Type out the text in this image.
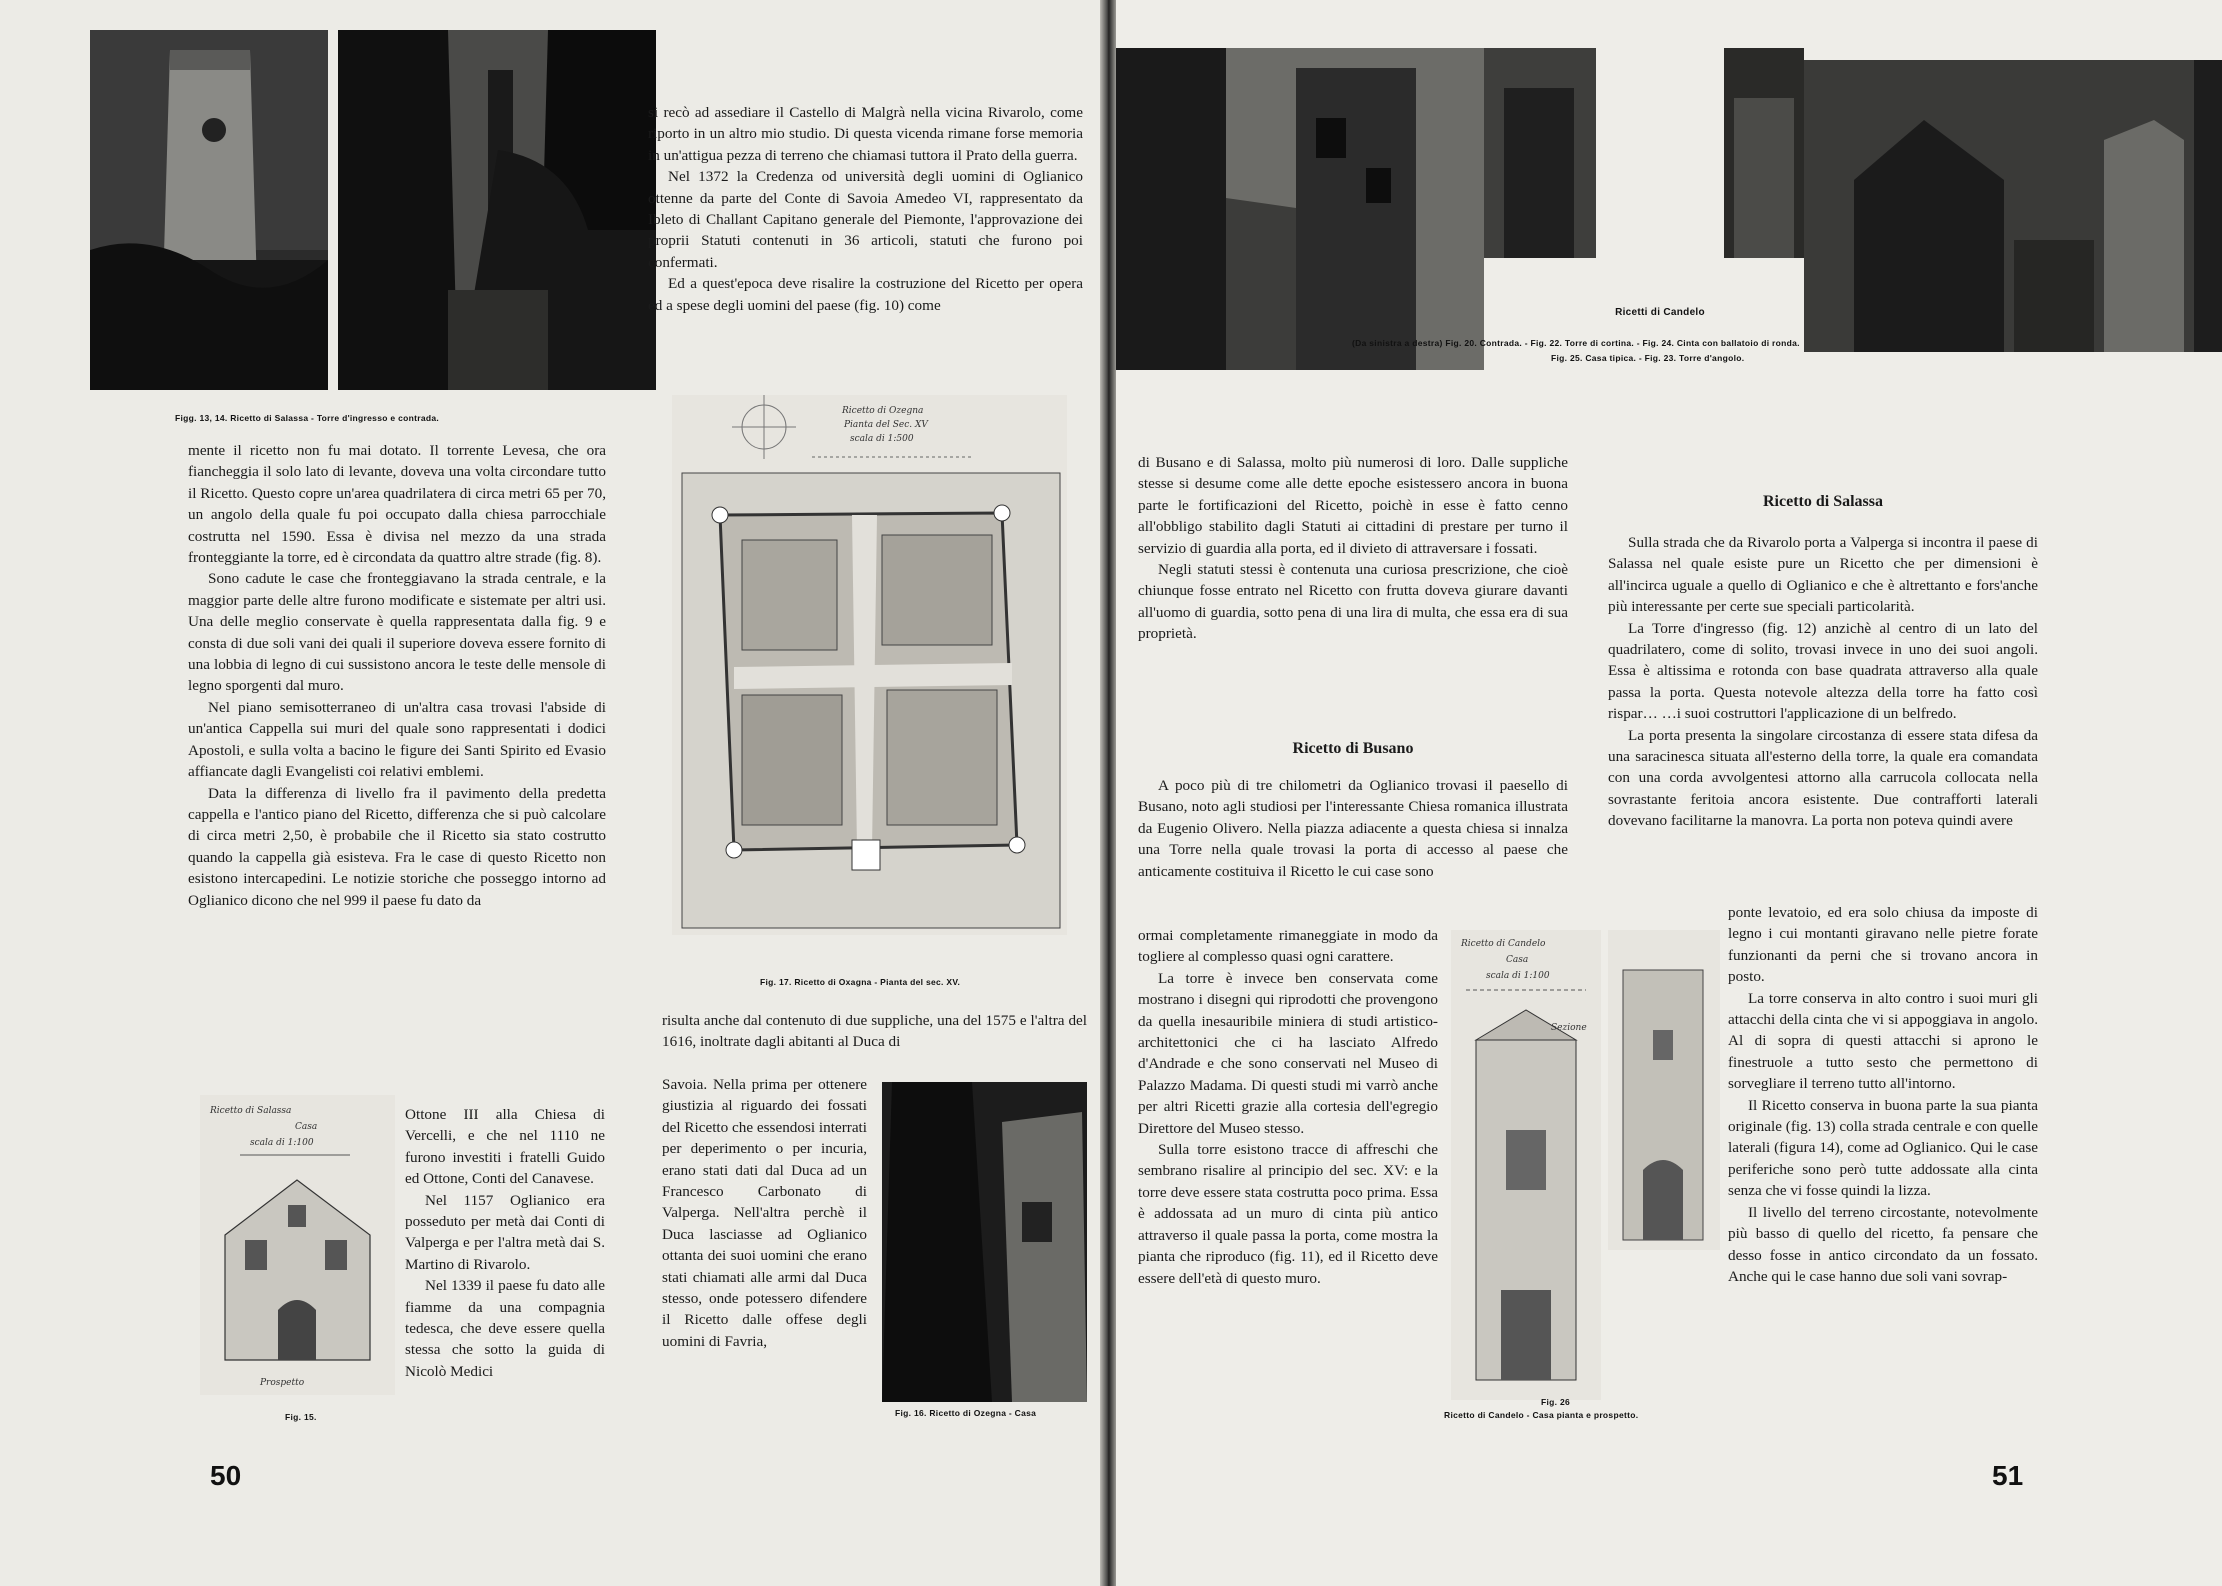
Figg. 13, 14. Ricetto di Salassa - Torre d'ingresso e contrada.

mente il ricetto non fu mai dotato. Il torrente Levesa, che ora fiancheggia il solo lato di levante, doveva una volta circondare tutto il Ricetto. Questo copre un'area quadrilatera di circa metri 65 per 70, un angolo della quale fu poi occupato dalla chiesa parrocchiale costrutta nel 1590. Essa è divisa nel mezzo da una strada fronteggiante la torre, ed è circondata da quattro altre strade (fig. 8).

Sono cadute le case che fronteggiavano la strada centrale, e la maggior parte delle altre furono modificate e sistemate per altri usi. Una delle meglio conservate è quella rappresentata dalla fig. 9 e consta di due soli vani dei quali il superiore doveva essere fornito di una lobbia di legno di cui sussistono ancora le teste delle mensole di legno sporgenti dal muro.

Nel piano semisotterraneo di un'altra casa trovasi l'abside di un'antica Cappella sui muri del quale sono rappresentati i dodici Apostoli, e sulla volta a bacino le figure dei Santi Spirito ed Evasio affiancate dagli Evangelisti coi relativi emblemi.

Data la differenza di livello fra il pavimento della predetta cappella e l'antico piano del Ricetto, differenza che si può calcolare di circa metri 2,50, è probabile che il Ricetto sia stato costrutto quando la cappella già esisteva. Fra le case di questo Ricetto non esistono intercapedini. Le notizie storiche che posseggo intorno ad Oglianico dicono che nel 999 il paese fu dato da

Ricetto di Salassa
Casa
scala di 1:100
Prospetto
Fig. 15.

Ottone III alla Chiesa di Vercelli, e che nel 1110 ne furono investiti i fratelli Guido ed Ottone, Conti del Canavese.

Nel 1157 Oglianico era posseduto per metà dai Conti di Valperga e per l'altra metà dai S. Martino di Rivarolo.

Nel 1339 il paese fu dato alle fiamme da una compagnia tedesca, che deve essere quella stessa che sotto la guida di Nicolò Medici

si recò ad assediare il Castello di Malgrà nella vicina Rivarolo, come riporto in un altro mio studio. Di questa vicenda rimane forse memoria in un'attigua pezza di terreno che chiamasi tuttora il Prato della guerra.

Nel 1372 la Credenza od università degli uomini di Oglianico ottenne da parte del Conte di Savoia Amedeo VI, rappresentato da Ibleto di Challant Capitano generale del Piemonte, l'approvazione dei proprii Statuti contenuti in 36 articoli, statuti che furono poi confermati.

Ed a quest'epoca deve risalire la costruzione del Ricetto per opera ed a spese degli uomini del paese (fig. 10) come

Ricetto di Ozegna
Pianta del Sec. XV
scala di 1:500
Fig. 17. Ricetto di Oxagna - Pianta del sec. XV.

risulta anche dal contenuto di due suppliche, una del 1575 e l'altra del 1616, inoltrate dagli abitanti al Duca di

Savoia. Nella prima per ottenere giustizia al riguardo dei fossati del Ricetto che essendosi interrati per deperimento o per incuria, erano stati dati dal Duca ad un Francesco Carbonato di Valperga. Nell'altra perchè il Duca lasciasse ad Oglianico ottanta dei suoi uomini che erano stati chiamati alle armi dal Duca stesso, onde potessero difendere il Ricetto dalle offese degli uomini di Favria,

Fig. 16. Ricetto di Ozegna - Casa
50
Ricetti di Candelo
(Da sinistra a destra) Fig. 20. Contrada. - Fig. 22. Torre di cortina. - Fig. 24. Cinta con ballatoio di ronda.
Fig. 25. Casa tipica. - Fig. 23. Torre d'angolo.

di Busano e di Salassa, molto più numerosi di loro. Dalle suppliche stesse si desume come alle dette epoche esistessero ancora in buona parte le fortificazioni del Ricetto, poichè in esse è fatto cenno all'obbligo stabilito dagli Statuti ai cittadini di prestare per turno il servizio di guardia alla porta, ed il divieto di attraversare i fossati.

Negli statuti stessi è contenuta una curiosa prescrizione, che cioè chiunque fosse entrato nel Ricetto con frutta doveva giurare davanti all'uomo di guardia, sotto pena di una lira di multa, che essa era di sua proprietà.

Ricetto di Busano

A poco più di tre chilometri da Oglianico trovasi il paesello di Busano, noto agli studiosi per l'interessante Chiesa romanica illustrata da Eugenio Olivero. Nella piazza adiacente a questa chiesa si innalza una Torre nella quale trovasi la porta di accesso al paese che anticamente costituiva il Ricetto le cui case sono

ormai completamente rimaneggiate in modo da togliere al complesso quasi ogni carattere.

La torre è invece ben conservata come mostrano i disegni qui riprodotti che provengono da quella inesauribile miniera di studi artistico-architettonici che ci ha lasciato Alfredo d'Andrade e che sono conservati nel Museo di Palazzo Madama. Di questi studi mi varrò anche per altri Ricetti grazie alla cortesia dell'egregio Direttore del Museo stesso.

Sulla torre esistono tracce di affreschi che sembrano risalire al principio del sec. XV: e la torre deve essere stata costrutta poco prima. Essa è addossata ad un muro di cinta più antico attraverso il quale passa la porta, come mostra la pianta che riproduco (fig. 11), ed il Ricetto deve essere dell'età di questo muro.

Ricetto di Candelo
Casa
scala di 1:100
Sezione
Fig. 26
Ricetto di Candelo - Casa pianta e prospetto.
Ricetto di Salassa

Sulla strada che da Rivarolo porta a Valperga si incontra il paese di Salassa nel quale esiste pure un Ricetto che per dimensioni è all'incirca uguale a quello di Oglianico e che è altrettanto e fors'anche più interessante per certe sue speciali particolarità.

La Torre d'ingresso (fig. 12) anzichè al centro di un lato del quadrilatero, come di solito, trovasi invece in uno dei suoi angoli. Essa è altissima e rotonda con base quadrata attraverso alla quale passa la porta. Questa notevole altezza della torre ha fatto così rispar… …i suoi costruttori l'applicazione di un belfredo.

La porta presenta la singolare circostanza di essere stata difesa da una saracinesca situata all'esterno della torre, la quale era comandata con una corda avvolgentesi attorno alla carrucola collocata nella sovrastante feritoia ancora esistente. Due contrafforti laterali dovevano facilitarne la manovra. La porta non poteva quindi avere

ponte levatoio, ed era solo chiusa da imposte di legno i cui montanti giravano nelle pietre forate funzionanti da perni che si trovano ancora in posto.

La torre conserva in alto contro i suoi muri gli attacchi della cinta che vi si appoggiava in angolo. Al di sopra di questi attacchi si aprono le finestruole a tutto sesto che permettono di sorvegliare il terreno tutto all'intorno.

Il Ricetto conserva in buona parte la sua pianta originale (fig. 13) colla strada centrale e con quelle laterali (figura 14), come ad Oglianico. Qui le case periferiche sono però tutte addossate alla cinta senza che vi fosse quindi la lizza.

Il livello del terreno circostante, notevolmente più basso di quello del ricetto, fa pensare che desso fosse in antico circondato da un fossato. Anche qui le case hanno due soli vani sovrap-

51
